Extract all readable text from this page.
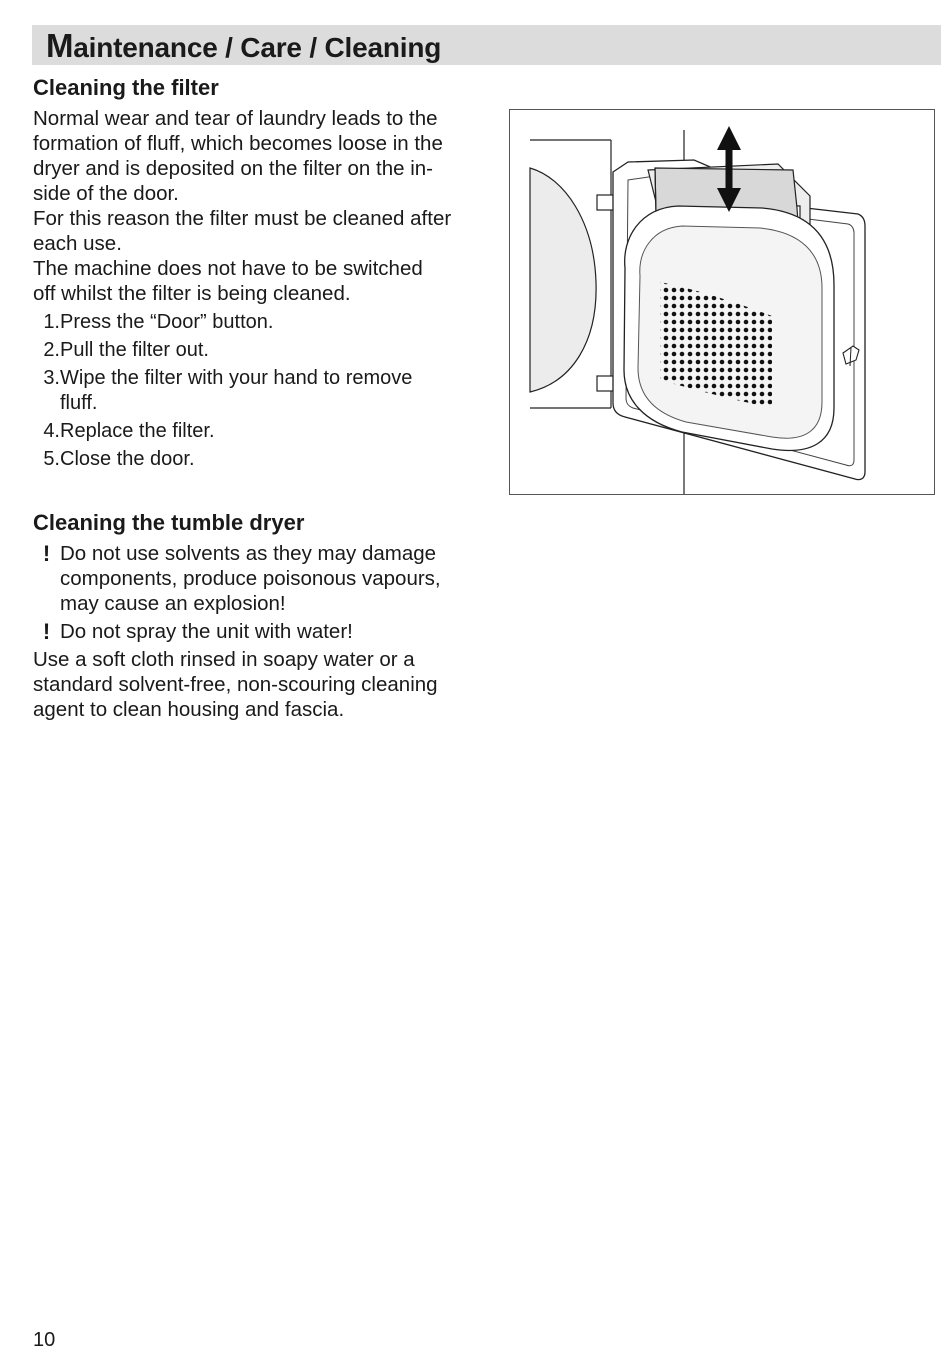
Maintenance / Care / Cleaning
Cleaning the filter

Normal wear and tear of laundry leads to the

formation of fluff, which becomes loose in the

dryer and is deposited on the filter on the in-

side of the door.

For this reason the filter must be cleaned after

each use.

The machine does not have to be switched

off whilst the filter is being cleaned.

1. Press the “Door” button.
2. Pull the filter out.
3. Wipe the filter with your hand to remove fluff.
4. Replace the filter.
5. Close the door.
Cleaning the tumble dryer
! Do not use solvents as they may damage components, produce poisonous vapours, may cause an explosion!
! Do not spray the unit with water!

Use a soft cloth rinsed in soapy water or a

standard solvent-free, non-scouring cleaning

agent to clean housing and fascia.

10
